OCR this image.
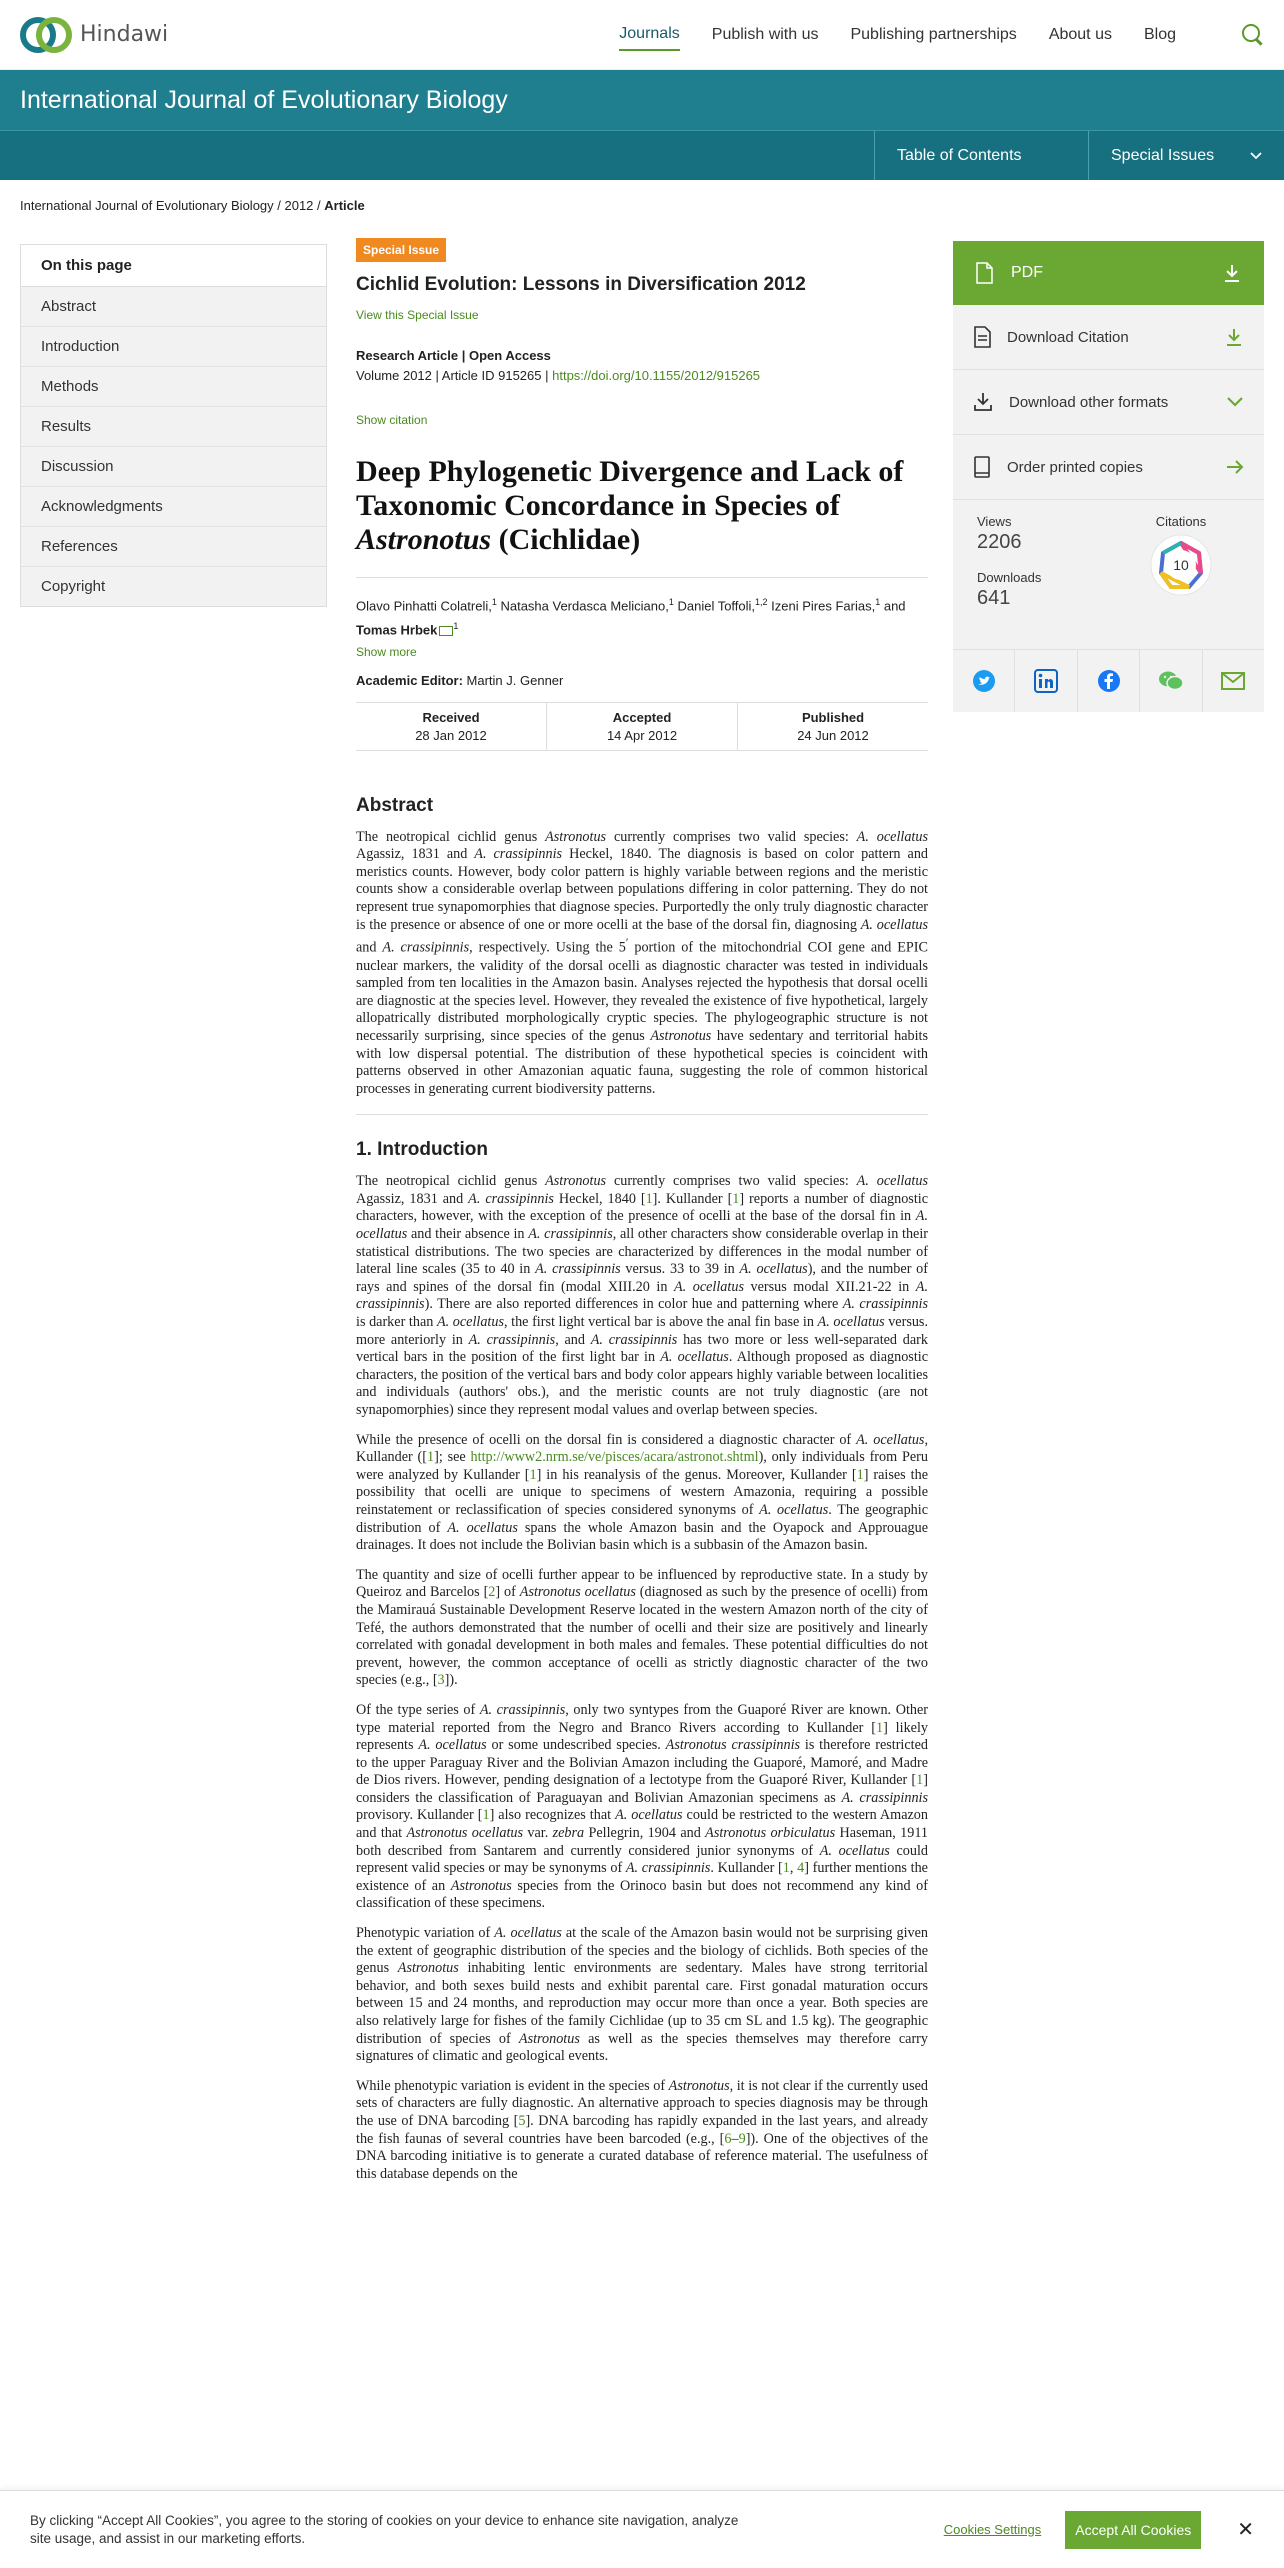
Hindawi	Journals Publish with us Publishing partnerships About us Blog
International Journal of Evolutionary Biology
Table of Contents	Special Issues
International Journal of Evolutionary Biology / 2012 / Article
On this page
Abstract
Introduction
Methods
Results
Discussion
Acknowledgments
References
Copyright
Special Issue
Cichlid Evolution: Lessons in Diversification 2012
View this Special Issue
Research Article | Open Access
Volume 2012 | Article ID 915265 | https://doi.org/10.1155/2012/915265
Show citation
Deep Phylogenetic Divergence and Lack of Taxonomic Concordance in Species of Astronotus (Cichlidae)
Olavo Pinhatti Colatreli,$^1$ Natasha Verdasca Meliciano,$^1$ Daniel Toffoli,$^{1,2}$ Izeni Pires Farias,$^1$ and Tomas Hrbek $^1$
Show more
Academic Editor: Martin J. Genner
Received
28 Jan 2012
Accepted
14 Apr 2012
Published
24 Jun 2012
Abstract

The neotropical cichlid genus Astronotus currently comprises two valid species: A. ocellatus Agassiz, 1831 and A. crassipinnis Heckel, 1840. The diagnosis is based on color pattern and meristics counts. However, body color pattern is highly variable between regions and the meristic counts show a considerable overlap between populations differing in color patterning. They do not represent true synapomorphies that diagnose species. Purportedly the only truly diagnostic character is the presence or absence of one or more ocelli at the base of the dorsal fin, diagnosing A. ocellatus and A. crassipinnis, respectively. Using the 5′ portion of the mitochondrial COI gene and EPIC nuclear markers, the validity of the dorsal ocelli as diagnostic character was tested in individuals sampled from ten localities in the Amazon basin. Analyses rejected the hypothesis that dorsal ocelli are diagnostic at the species level. However, they revealed the existence of five hypothetical, largely allopatrically distributed morphologically cryptic species. The phylogeographic structure is not necessarily surprising, since species of the genus Astronotus have sedentary and territorial habits with low dispersal potential. The distribution of these hypothetical species is coincident with patterns observed in other Amazonian aquatic fauna, suggesting the role of common historical processes in generating current biodiversity patterns.

1. Introduction

The neotropical cichlid genus Astronotus currently comprises two valid species: A. ocellatus Agassiz, 1831 and A. crassipinnis Heckel, 1840 [1]. Kullander [1] reports a number of diagnostic characters, however, with the exception of the presence of ocelli at the base of the dorsal fin in A. ocellatus and their absence in A. crassipinnis, all other characters show considerable overlap in their statistical distributions. The two species are characterized by differences in the modal number of lateral line scales (35 to 40 in A. crassipinnis versus. 33 to 39 in A. ocellatus), and the number of rays and spines of the dorsal fin (modal XIII.20 in A. ocellatus versus modal XII.21-22 in A. crassipinnis). There are also reported differences in color hue and patterning where A. crassipinnis is darker than A. ocellatus, the first light vertical bar is above the anal fin base in A. ocellatus versus. more anteriorly in A. crassipinnis, and A. crassipinnis has two more or less well-separated dark vertical bars in the position of the first light bar in A. ocellatus. Although proposed as diagnostic characters, the position of the vertical bars and body color appears highly variable between localities and individuals (authors' obs.), and the meristic counts are not truly diagnostic (are not synapomorphies) since they represent modal values and overlap between species.

While the presence of ocelli on the dorsal fin is considered a diagnostic character of A. ocellatus, Kullander ([1]; see http://www2.nrm.se/ve/pisces/acara/astronot.shtml), only individuals from Peru were analyzed by Kullander [1] in his reanalysis of the genus. Moreover, Kullander [1] raises the possibility that ocelli are unique to specimens of western Amazonia, requiring a possible reinstatement or reclassification of species considered synonyms of A. ocellatus. The geographic distribution of A. ocellatus spans the whole Amazon basin and the Oyapock and Approuague drainages. It does not include the Bolivian basin which is a subbasin of the Amazon basin.

The quantity and size of ocelli further appear to be influenced by reproductive state. In a study by Queiroz and Barcelos [2] of Astronotus ocellatus (diagnosed as such by the presence of ocelli) from the Mamirauá Sustainable Development Reserve located in the western Amazon north of the city of Tefé, the authors demonstrated that the number of ocelli and their size are positively and linearly correlated with gonadal development in both males and females. These potential difficulties do not prevent, however, the common acceptance of ocelli as strictly diagnostic character of the two species (e.g., [3]).

Of the type series of A. crassipinnis, only two syntypes from the Guaporé River are known. Other type material reported from the Negro and Branco Rivers according to Kullander [1] likely represents A. ocellatus or some undescribed species. Astronotus crassipinnis is therefore restricted to the upper Paraguay River and the Bolivian Amazon including the Guaporé, Mamoré, and Madre de Dios rivers. However, pending designation of a lectotype from the Guaporé River, Kullander [1] considers the classification of Paraguayan and Bolivian Amazonian specimens as A. crassipinnis provisory. Kullander [1] also recognizes that A. ocellatus could be restricted to the western Amazon and that Astronotus ocellatus var. zebra Pellegrin, 1904 and Astronotus orbiculatus Haseman, 1911 both described from Santarem and currently considered junior synonyms of A. ocellatus could represent valid species or may be synonyms of A. crassipinnis. Kullander [1, 4] further mentions the existence of an Astronotus species from the Orinoco basin but does not recommend any kind of classification of these specimens.

Phenotypic variation of A. ocellatus at the scale of the Amazon basin would not be surprising given the extent of geographic distribution of the species and the biology of cichlids. Both species of the genus Astronotus inhabiting lentic environments are sedentary. Males have strong territorial behavior, and both sexes build nests and exhibit parental care. First gonadal maturation occurs between 15 and 24 months, and reproduction may occur more than once a year. Both species are also relatively large for fishes of the family Cichlidae (up to 35 cm SL and 1.5 kg). The geographic distribution of species of Astronotus as well as the species themselves may therefore carry signatures of climatic and geological events.

While phenotypic variation is evident in the species of Astronotus, it is not clear if the currently used sets of characters are fully diagnostic. An alternative approach to species diagnosis may be through the use of DNA barcoding [5]. DNA barcoding has rapidly expanded in the last years, and already the fish faunas of several countries have been barcoded (e.g., [6–9]). One of the objectives of the DNA barcoding initiative is to generate a curated database of reference material. The usefulness of this database depends on the

PDF
Download Citation
Download other formats
Order printed copies
Views
2206
Downloads
641
Citations
10
By clicking “Accept All Cookies”, you agree to the storing of cookies on your device to enhance site navigation, analyze site usage, and assist in our marketing efforts.
Cookies Settings	Accept All Cookies	✕
